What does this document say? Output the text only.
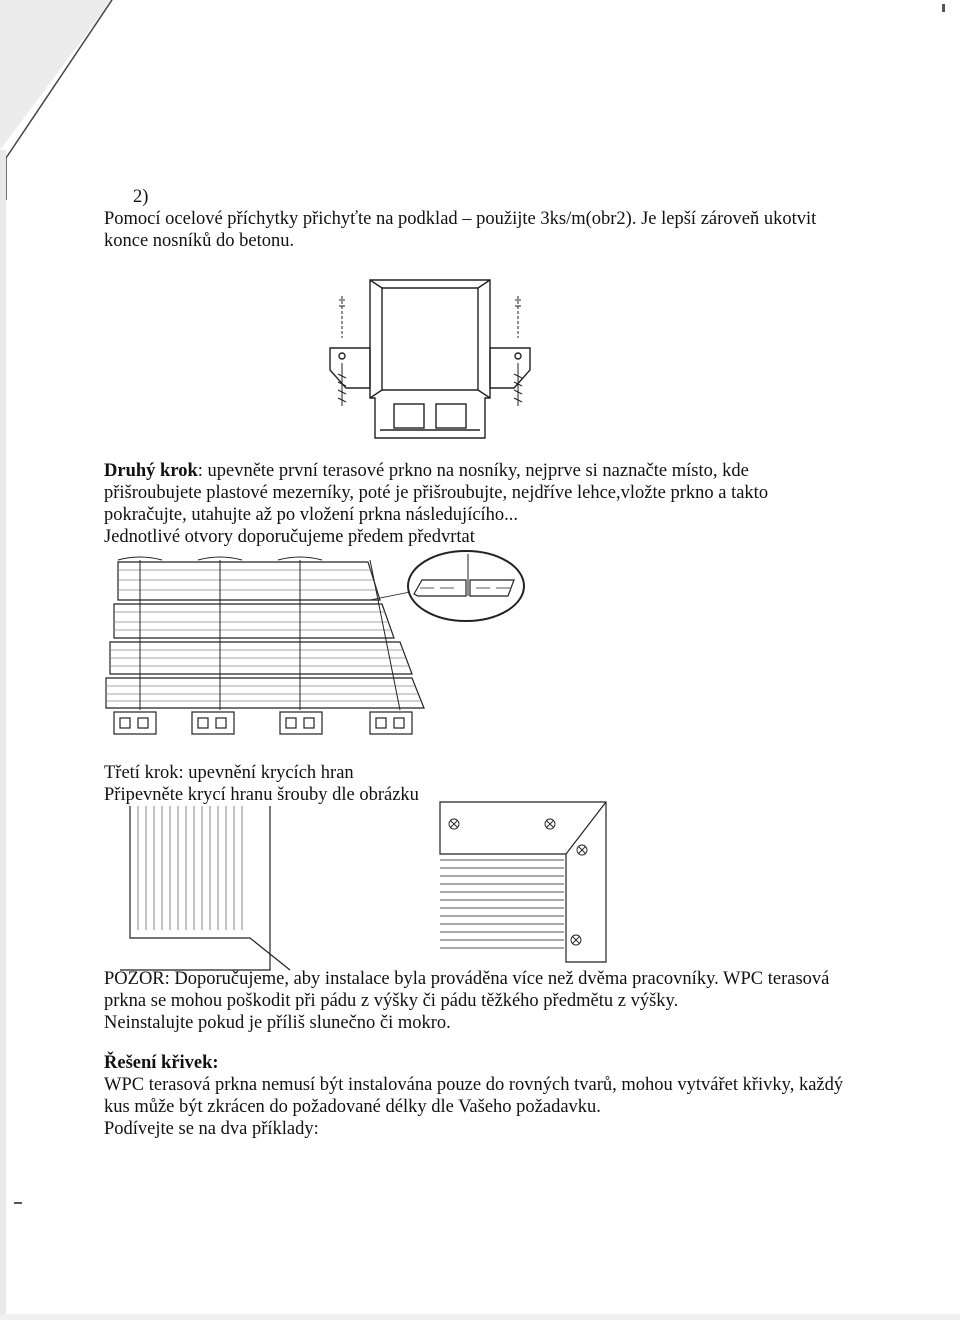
2)
Pomocí ocelové příchytky přichyťte na podklad – použijte 3ks/m(obr2). Je lepší zároveň ukotvit
konce nosníků do betonu.
Druhý krok: upevněte první terasové prkno na nosníky, nejprve si naznačte místo, kde
přišroubujete plastové mezerníky, poté je přišroubujte, nejdříve lehce,vložte prkno a takto
pokračujte, utahujte až po vložení prkna následujícího...
Jednotlivé otvory doporučujeme předem předvrtat
Třetí krok: upevnění krycích hran
Připevněte krycí hranu šrouby dle obrázku
POZOR: Doporučujeme, aby instalace byla prováděna více než dvěma pracovníky. WPC terasová
prkna se mohou poškodit při pádu z výšky či pádu těžkého předmětu z výšky.
Neinstalujte pokud je příliš slunečno či mokro.
Řešení křivek:
WPC terasová prkna nemusí být instalována pouze do rovných tvarů, mohou vytvářet křivky, každý
kus může být zkrácen do požadované délky dle Vašeho požadavku.
Podívejte se na dva příklady:
